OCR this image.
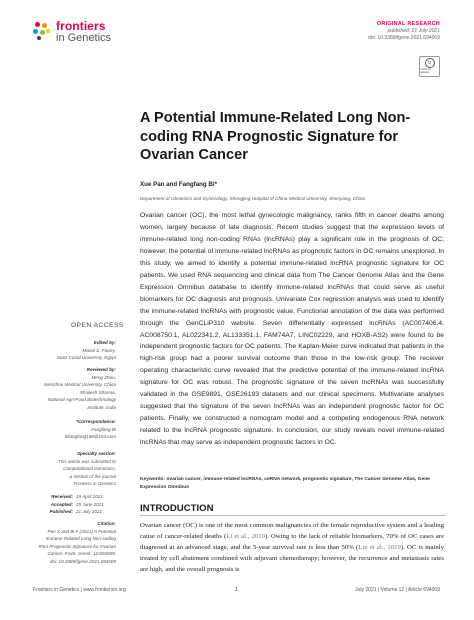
frontiers
in Genetics
ORIGINAL RESEARCH
published: 21 July 2021
doi: 10.3389/fgene.2021.694009
↻
Check for updates
A Potential Immune-Related Long Non-coding RNA Prognostic Signature for Ovarian Cancer
Xue Pan and Fangfang Bi*
Department of Obstetrics and Gynecology, Shengjing Hospital of China Medical University, Shenyang, China

Ovarian cancer (OC), the most lethal gynecologic malignancy, ranks fifth in cancer deaths among women, largely because of late diagnosis. Recent studies suggest that the expression levels of immune-related long non-coding RNAs (lncRNAs) play a significant role in the prognosis of OC; however, the potential of immune-related lncRNAs as prognostic factors in OC remains unexplored. In this study, we aimed to identify a potential immune-related lncRNA prognostic signature for OC patients. We used RNA sequencing and clinical data from The Cancer Genome Atlas and the Gene Expression Omnibus database to identify immune-related lncRNAs that could serve as useful biomarkers for OC diagnosis and prognosis. Univariate Cox regression analysis was used to identify the immune-related lncRNAs with prognostic value. Functional annotation of the data was performed through the GenCLiP310 website. Seven differentially expressed lncRNAs (AC007406.4, AC008750.1, AL022341.2, AL133351.1, FAM74A7, LINC02229, and HOXB-AS2) were found to be independent prognostic factors for OC patients. The Kaplan-Meier curve indicated that patients in the high-risk group had a poorer survival outcome than those in the low-risk group. The receiver operating characteristic curve revealed that the predictive potential of the immune-related lncRNA signature for OC was robust. The prognostic signature of the seven lncRNAs was successfully validated in the GSE9891, GSE26193 datasets and our clinical specimens. Multivariate analyses suggested that the signature of the seven lncRNAs was an independent prognostic factor for OC patients. Finally, we constructed a nomogram model and a competing endogenous RNA network related to the lncRNA prognostic signature. In conclusion, our study reveals novel immune-related lncRNAs that may serve as independent prognostic factors in OC.

Keywords: ovarian cancer, immune-related lncRNAs, ceRNA network, prognostic signature, The Cancer Genome Atlas, Gene Expression Omnibus
INTRODUCTION

Ovarian cancer (OC) is one of the most common malignancies of the female reproductive system and a leading cause of cancer-related deaths (Li et al., 2019). Owing to the lack of reliable biomarkers, 70% of OC cases are diagnosed at an advanced stage, and the 5-year survival rate is less than 50% (Lin et al., 2019). OC is mainly treated by cell abatement combined with adjuvant chemotherapy; however, the recurrence and metastasis rates are high, and the overall prognosis is

OPEN ACCESS
Edited by:
Manal S. Fawzy,
Suez Canal University, Egypt
Reviewed by:
Meng Zhou,
Wenzhou Medical University, China
Shailesh Sharma,
National Agri-Food Biotechnology
Institute, India
*Correspondence:
Fangfang Bi
bifangfang168@163.com
Specialty section:
This article was submitted to
Computational Genomics,
a section of the journal
Frontiers in Genetics
Received: 19 April 2021
Accepted: 29 June 2021
Published: 21 July 2021
Citation:
Pan X and Bi F (2021) A Potential
Immune-Related Long Non-coding
RNA Prognostic Signature for Ovarian
Cancer. Front. Genet. 12:694009.
doi: 10.3389/fgene.2021.694009
Frontiers in Genetics | www.frontiersin.org	1	July 2021 | Volume 12 | Article 694009
